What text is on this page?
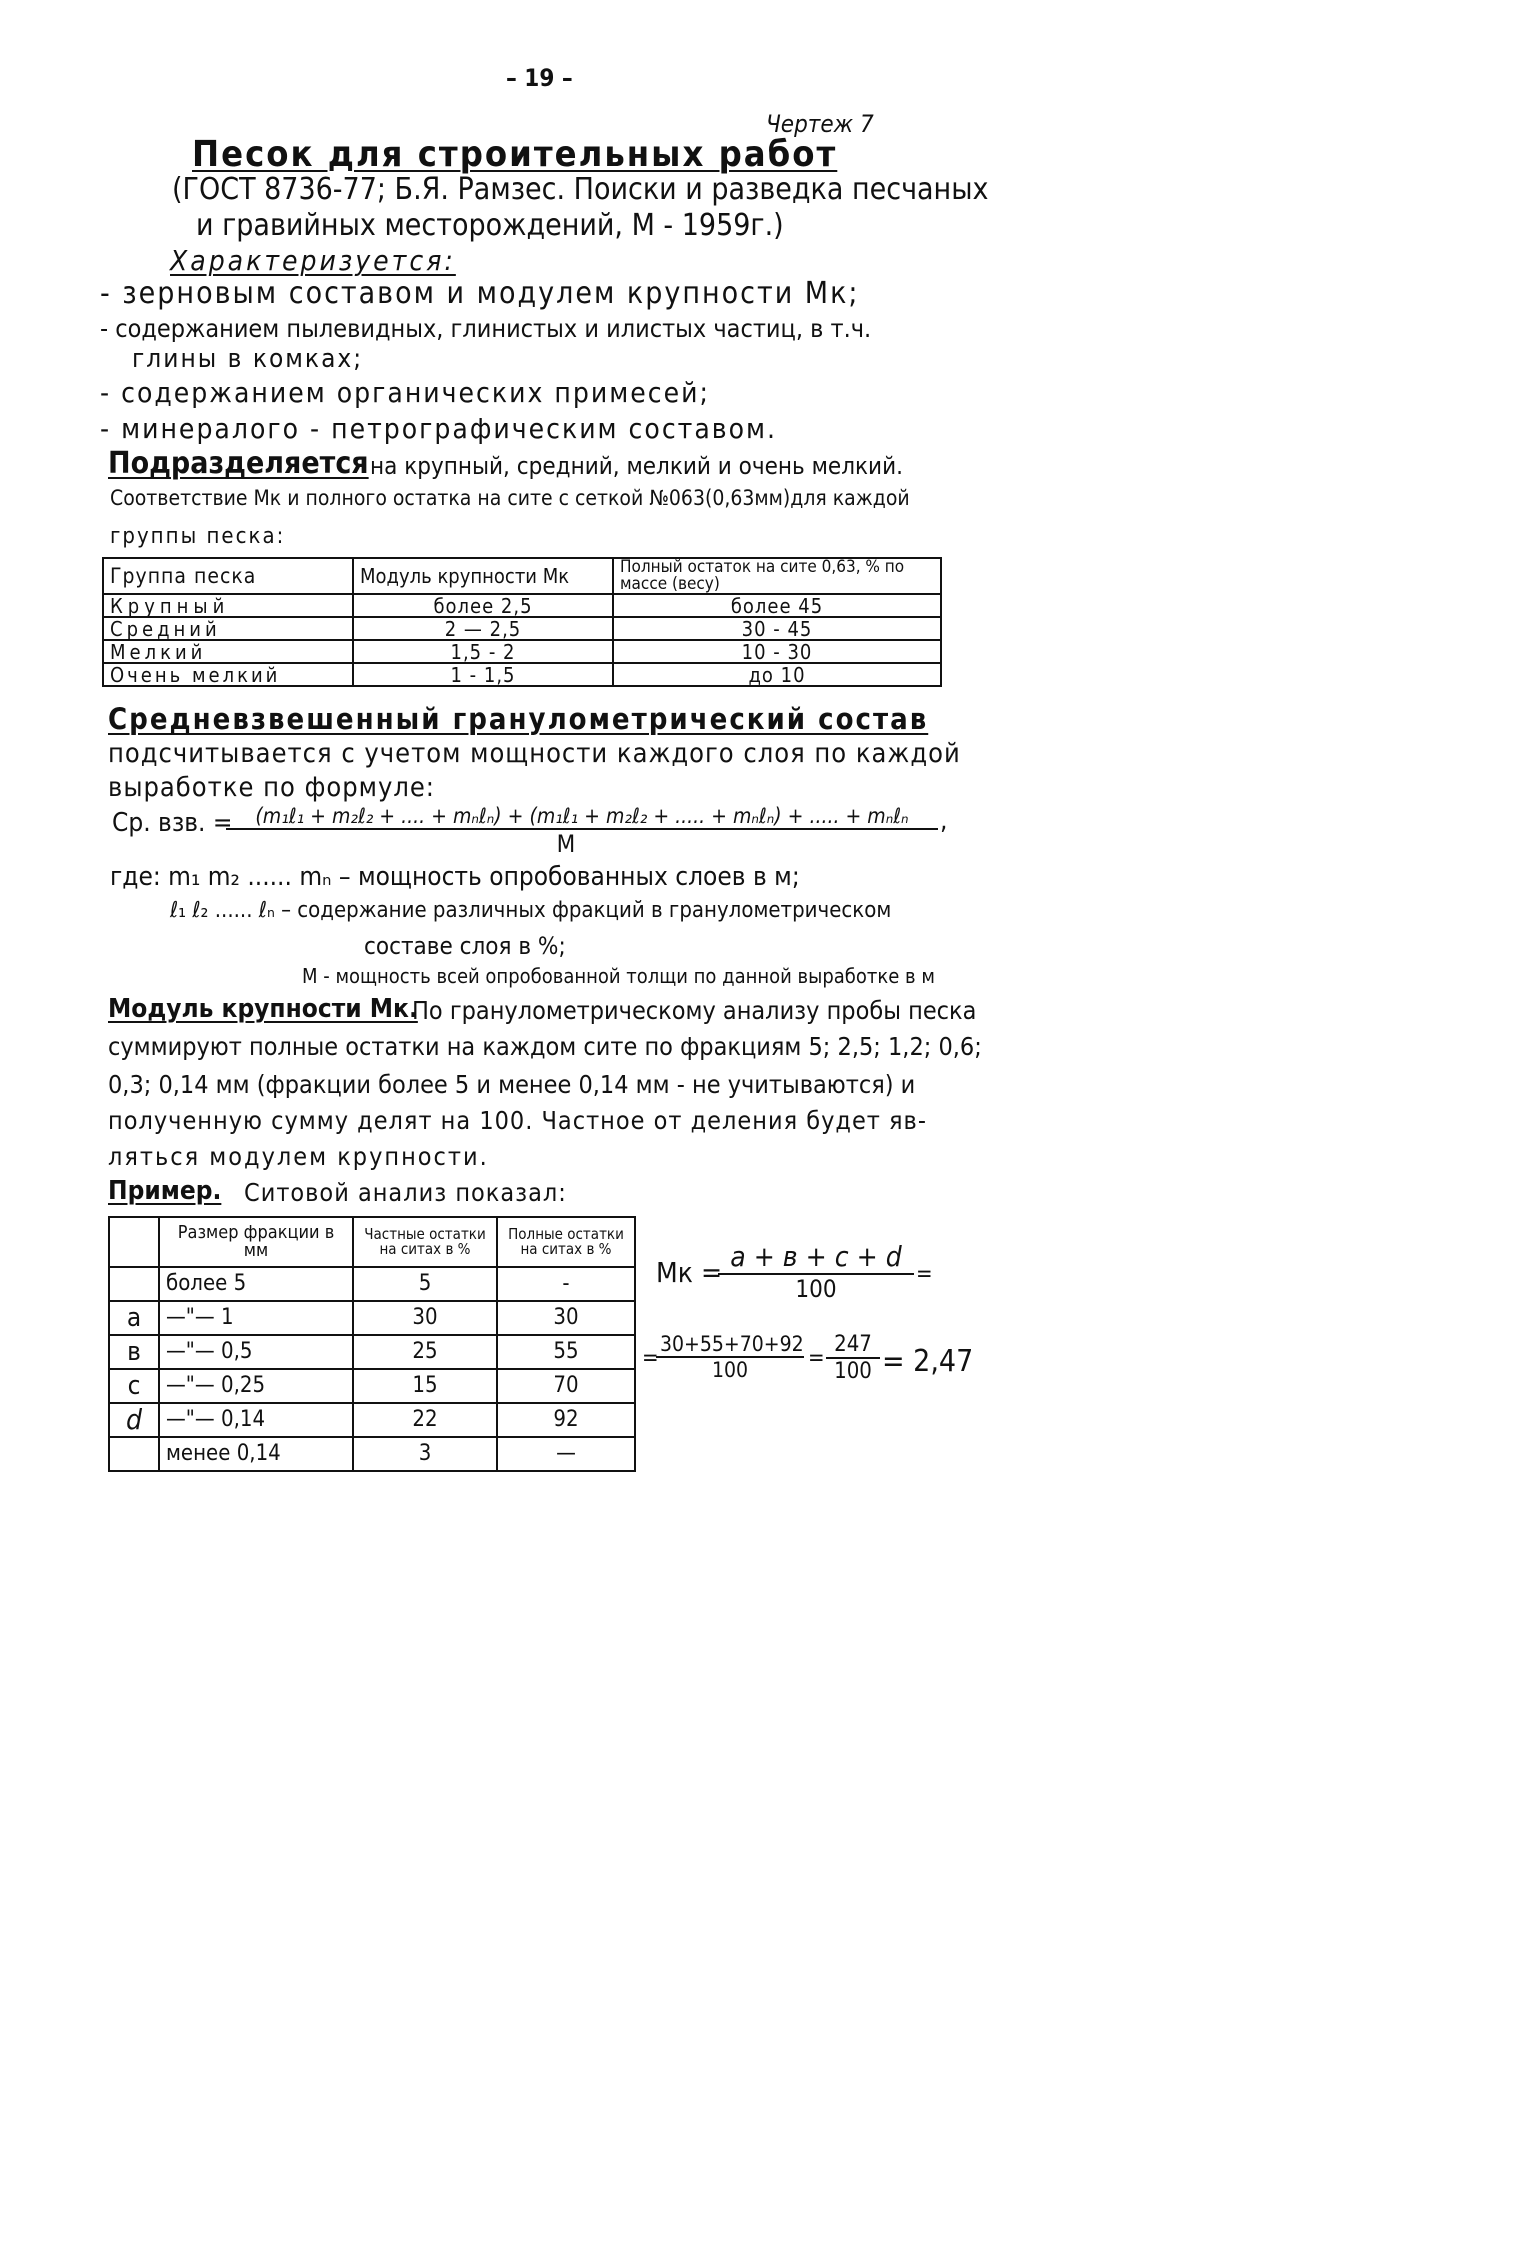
– 19 –
Чертеж 7
Песок для строительных работ
(ГОСТ 8736-77; Б.Я. Рамзес. Поиски и разведка песчаных
и гравийных месторождений, М - 1959г.)
Характеризуется:
- зерновым составом и модулем крупности Мк;
- содержанием пылевидных, глинистых и илистых частиц, в т.ч.
глины в комках;
- содержанием органических примесей;
- минералого - петрографическим составом.
Подразделяется на крупный, средний, мелкий и очень мелкий.
Соответствие Мк и полного остатка на сите с сеткой №063(0,63мм)для каждой
группы песка:
Группа песка	Модуль крупности Мк	Полный остаток на сите 0,63, % по массе (весу)
Крупный	более 2,5	более 45
Средний	2 — 2,5	30 - 45
Мелкий	1,5 - 2	10 - 30
Очень мелкий	1 - 1,5	до 10
Средневзвешенный гранулометрический состав
подсчитывается с учетом мощности каждого слоя по каждой
выработке по формуле:
Ср. взв. =	(m₁ℓ₁ + m₂ℓ₂ + .... + mₙℓₙ) + (m₁ℓ₁ + m₂ℓ₂ + ..... + mₙℓₙ) + ..... + mₙℓₙ
М
,
где: m₁ m₂ ...... mₙ – мощность опробованных слоев в м;
ℓ₁ ℓ₂ ...... ℓₙ – содержание различных фракций в гранулометрическом
составе слоя в %;
М - мощность всей опробованной толщи по данной выработке в м
Модуль крупности Мк.
По гранулометрическому анализу пробы песка
суммируют полные остатки на каждом сите по фракциям 5; 2,5; 1,2; 0,6;
0,3; 0,14 мм (фракции более 5 и менее 0,14 мм - не учитываются) и
полученную сумму делят на 100. Частное от деления будет яв-
ляться модулем крупности.
Пример. Ситовой анализ показал:
	Размер фракции в мм	Частные остатки на ситах в %	Полные остатки на ситах в %
	более 5	5	-
a	—"— 1	30	30
в	—"— 0,5	25	55
c	—"— 0,25	15	70
d	—"— 0,14	22	92
	менее 0,14	3	—
Мк = a + в + c + d
100
=
=
$\frac{30+55+70+92}{100} = \frac{247}{100} = 2,47$
